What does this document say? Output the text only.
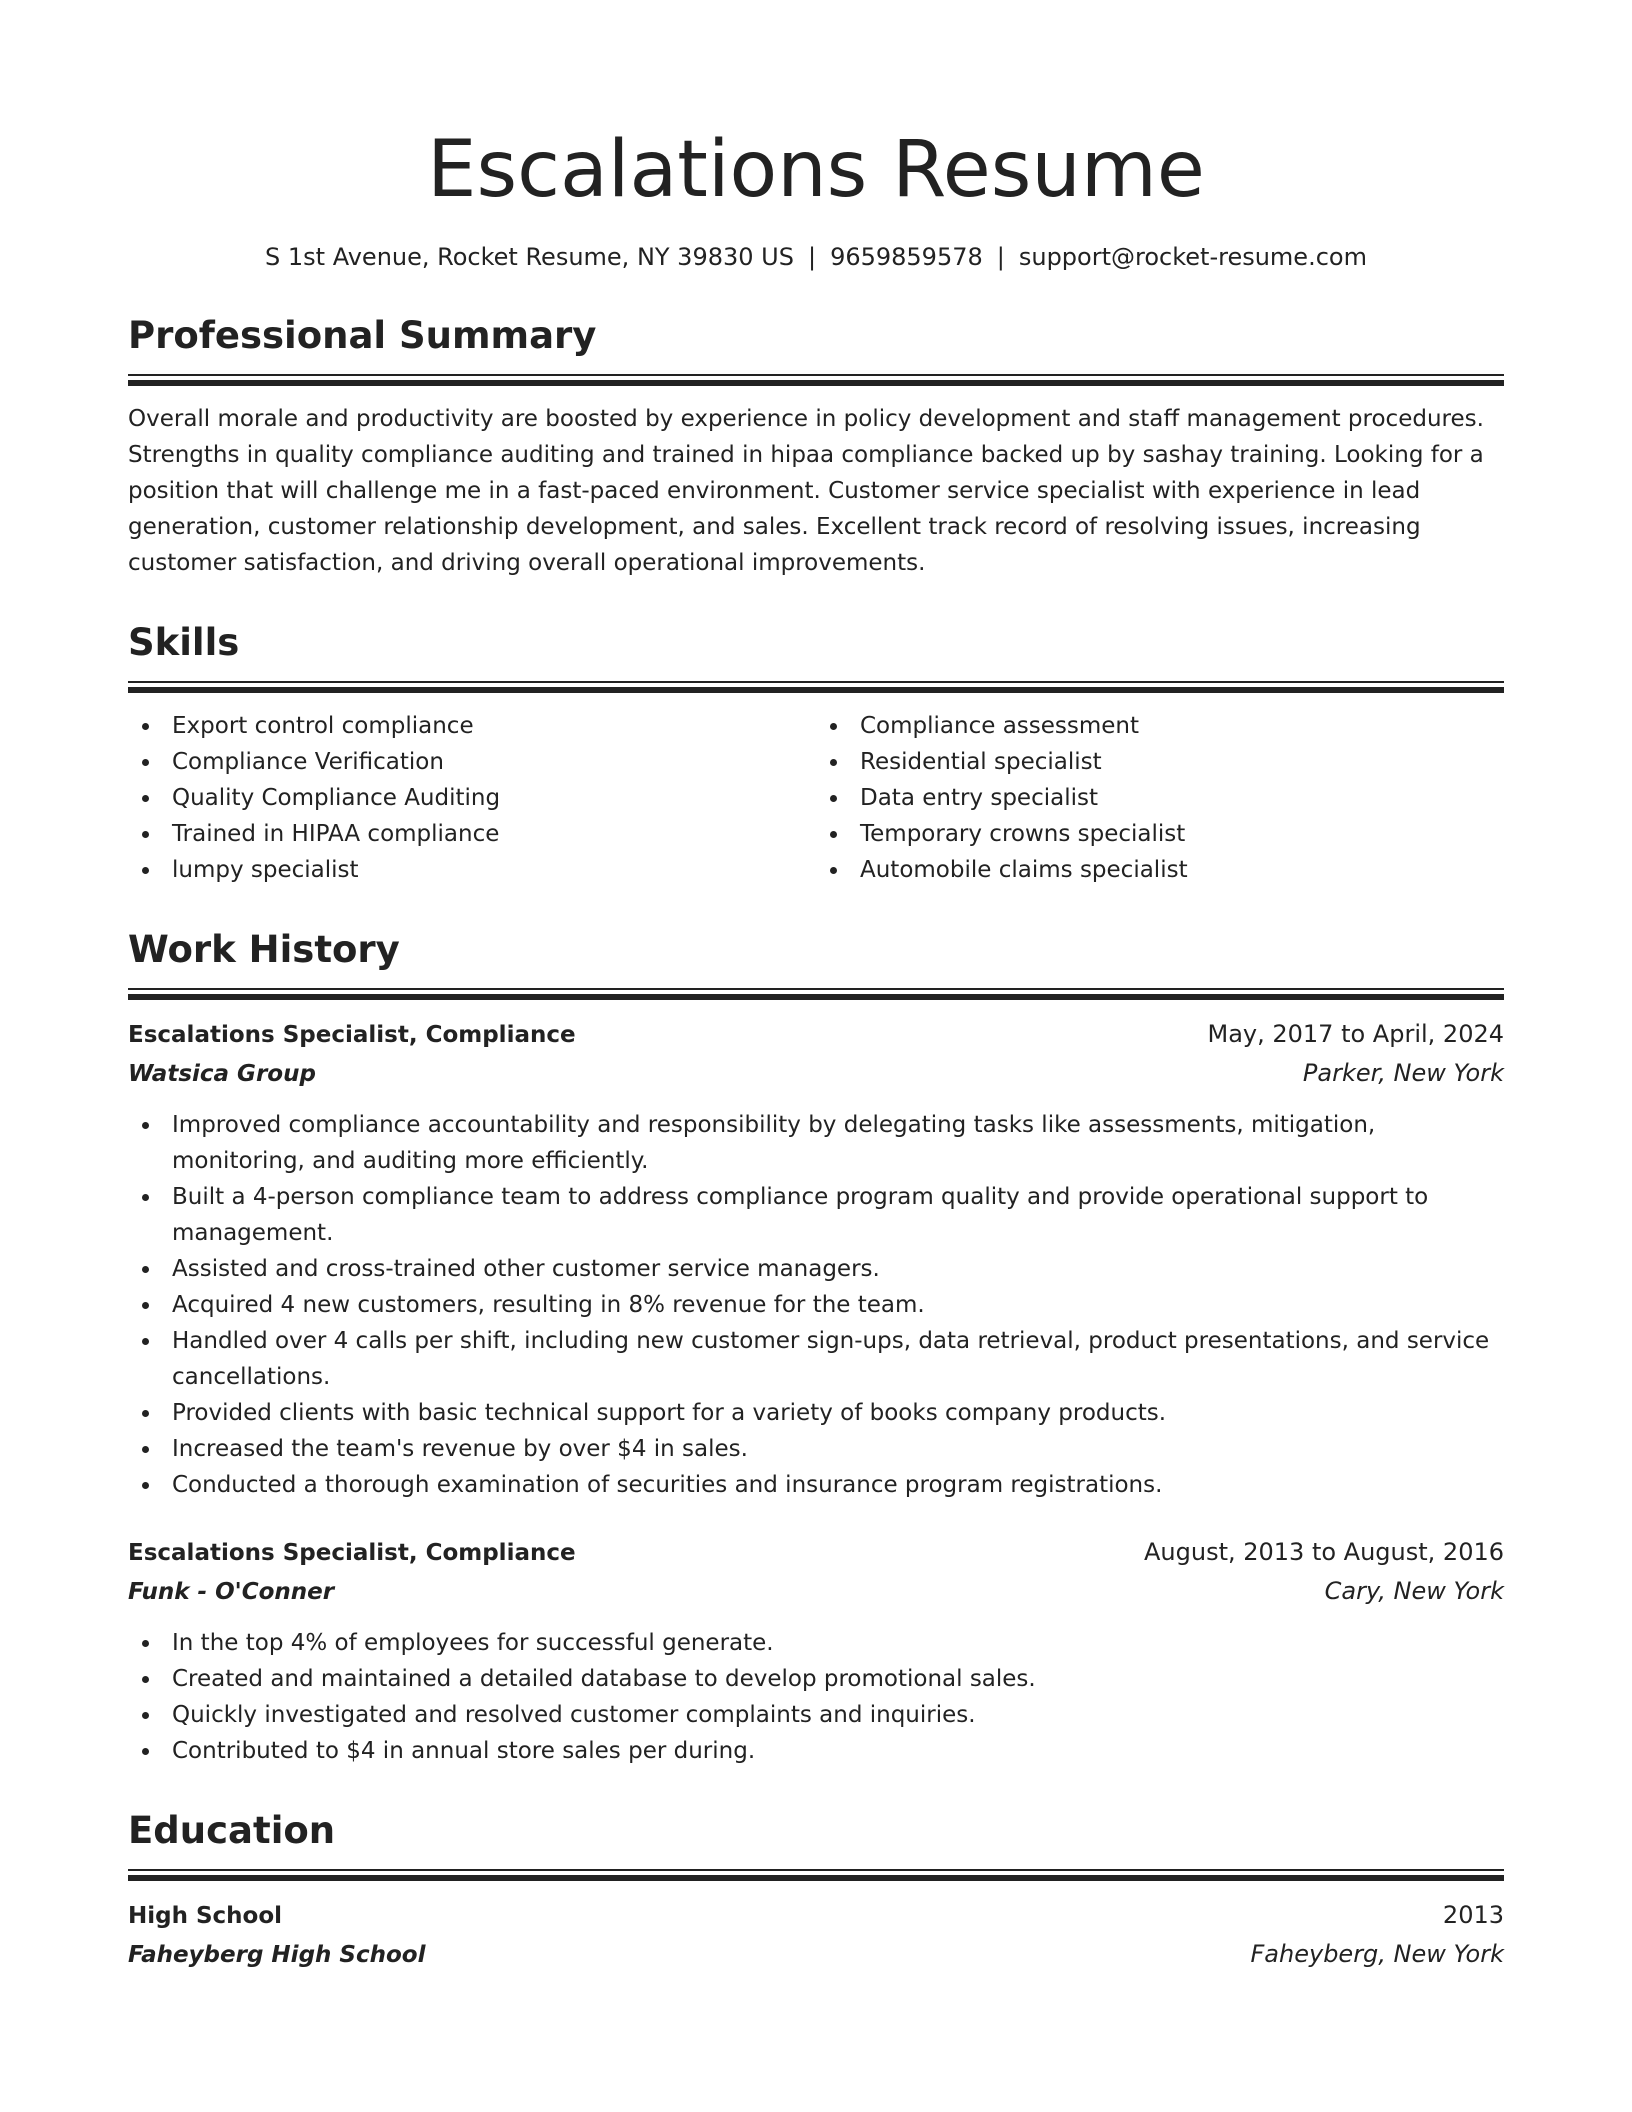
Escalations Resume
S 1st Avenue, Rocket Resume, NY 39830 US | 9659859578 | support@rocket-resume.com
Professional Summary

Overall morale and productivity are boosted by experience in policy development and staff management procedures. Strengths in quality compliance auditing and trained in hipaa compliance backed up by sashay training. Looking for a position that will challenge me in a fast-paced environment. Customer service specialist with experience in lead generation, customer relationship development, and sales. Excellent track record of resolving issues, increasing customer satisfaction, and driving overall operational improvements.

Skills
Export control compliance
Compliance Verification
Quality Compliance Auditing
Trained in HIPAA compliance
lumpy specialist
Compliance assessment
Residential specialist
Data entry specialist
Temporary crowns specialist
Automobile claims specialist
Work History
Escalations Specialist, Compliance	May, 2017 to April, 2024
Watsica Group	Parker, New York
Improved compliance accountability and responsibility by delegating tasks like assessments, mitigation, monitoring, and auditing more efficiently.
Built a 4-person compliance team to address compliance program quality and provide operational support to management.
Assisted and cross-trained other customer service managers.
Acquired 4 new customers, resulting in 8% revenue for the team.
Handled over 4 calls per shift, including new customer sign-ups, data retrieval, product presentations, and service cancellations.
Provided clients with basic technical support for a variety of books company products.
Increased the team's revenue by over $4 in sales.
Conducted a thorough examination of securities and insurance program registrations.
Escalations Specialist, Compliance	August, 2013 to August, 2016
Funk - O'Conner	Cary, New York
In the top 4% of employees for successful generate.
Created and maintained a detailed database to develop promotional sales.
Quickly investigated and resolved customer complaints and inquiries.
Contributed to $4 in annual store sales per during.
Education
High School	2013
Faheyberg High School	Faheyberg, New York
